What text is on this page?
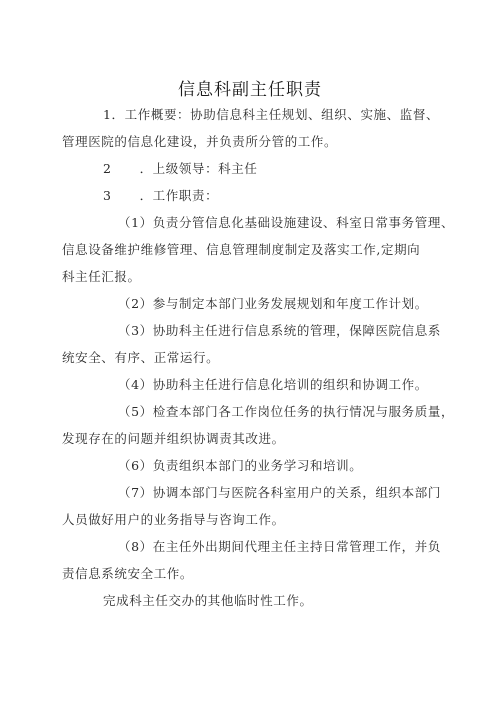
信息科副主任职责
1．工作概要：协助信息科主任规划、组织、实施、监督、
管理医院的信息化建设，并负责所分管的工作。
2 ．上级领导：科主任
3 ．工作职责：
（1）负责分管信息化基础设施建设、科室日常事务管理、
信息设备维护维修管理、信息管理制度制定及落实工作,定期向
科主任汇报。
（2）参与制定本部门业务发展规划和年度工作计划。
（3）协助科主任进行信息系统的管理，保障医院信息系
统安全、有序、正常运行。
（4）协助科主任进行信息化培训的组织和协调工作。
（5）检查本部门各工作岗位任务的执行情况与服务质量，
发现存在的问题并组织协调责其改进。
（6）负责组织本部门的业务学习和培训。
（7）协调本部门与医院各科室用户的关系，组织本部门
人员做好用户的业务指导与咨询工作。
（8）在主任外出期间代理主任主持日常管理工作，并负
责信息系统安全工作。
完成科主任交办的其他临时性工作。
